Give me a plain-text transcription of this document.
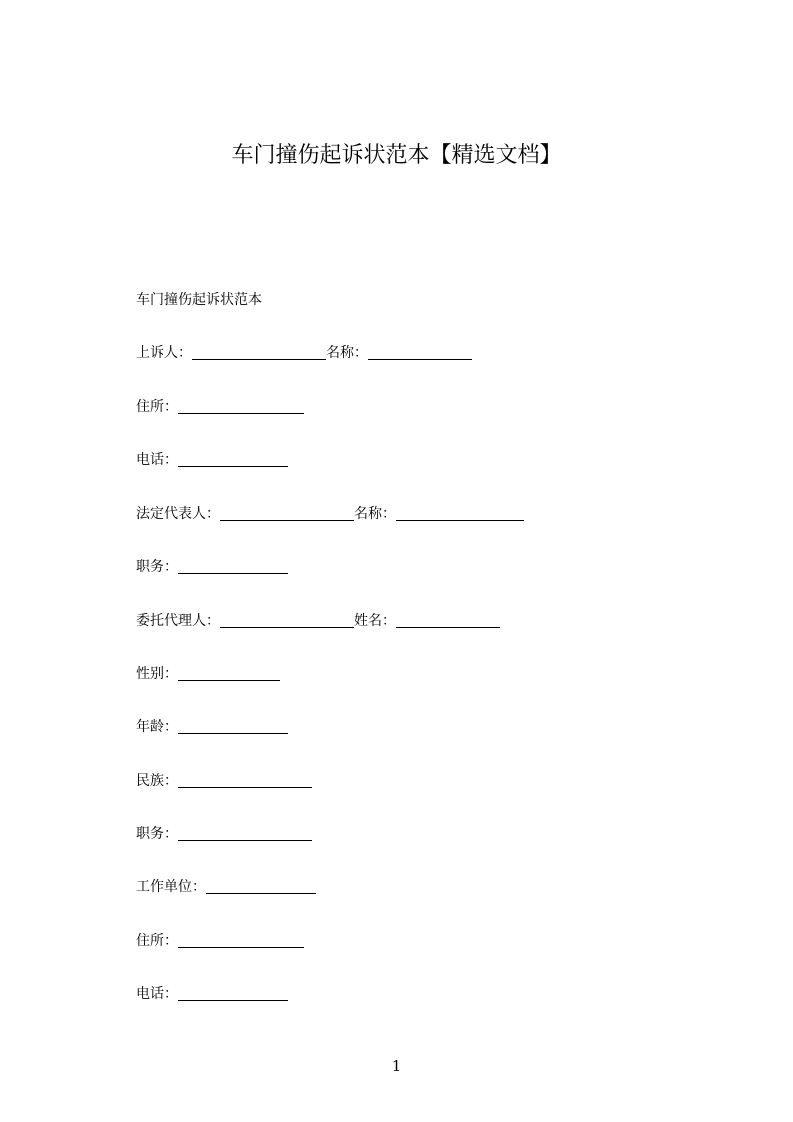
车门撞伤起诉状范本【精选文档】
车门撞伤起诉状范本
上诉人：	名称：
住所：
电话：
法定代表人：	名称：
职务：
委托代理人：	姓名：
性别：
年龄：
民族：
职务：
工作单位：
住所：
电话：
1
